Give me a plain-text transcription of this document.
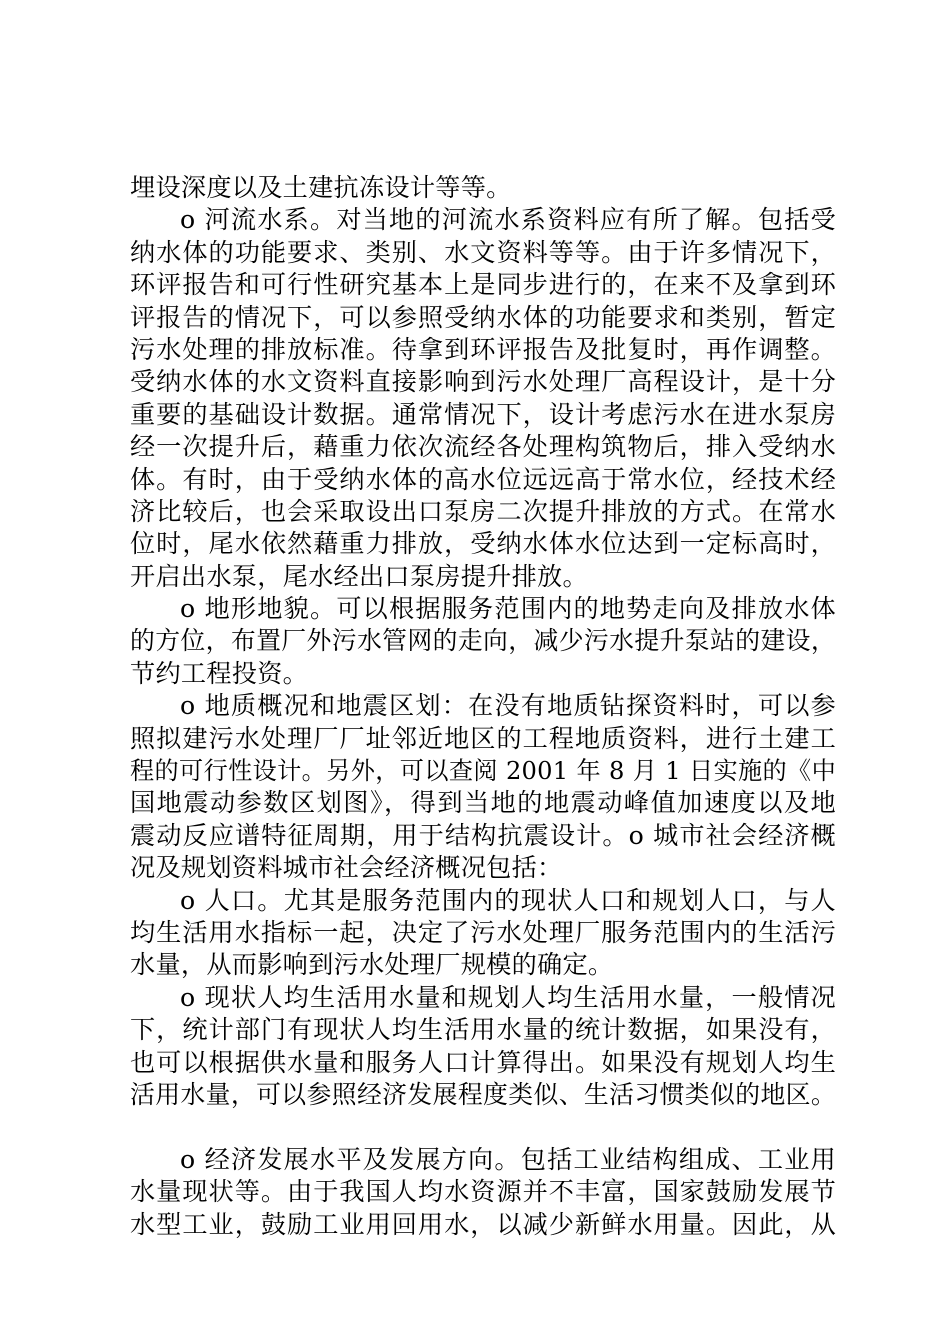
埋设深度以及土建抗冻设计等等。
o 河流水系。对当地的河流水系资料应有所了解。包括受
纳水体的功能要求、类别、水文资料等等。由于许多情况下，
环评报告和可行性研究基本上是同步进行的，在来不及拿到环
评报告的情况下，可以参照受纳水体的功能要求和类别，暂定
污水处理的排放标准。待拿到环评报告及批复时，再作调整。
受纳水体的水文资料直接影响到污水处理厂高程设计，是十分
重要的基础设计数据。通常情况下，设计考虑污水在进水泵房
经一次提升后，藉重力依次流经各处理构筑物后，排入受纳水
体。有时，由于受纳水体的高水位远远高于常水位，经技术经
济比较后，也会采取设出口泵房二次提升排放的方式。在常水
位时，尾水依然藉重力排放，受纳水体水位达到一定标高时，
开启出水泵，尾水经出口泵房提升排放。
o 地形地貌。可以根据服务范围内的地势走向及排放水体
的方位，布置厂外污水管网的走向，减少污水提升泵站的建设，
节约工程投资。
o 地质概况和地震区划：在没有地质钻探资料时，可以参
照拟建污水处理厂厂址邻近地区的工程地质资料，进行土建工
程的可行性设计。另外，可以查阅 2001 年 8 月 1 日实施的《中
国地震动参数区划图》，得到当地的地震动峰值加速度以及地
震动反应谱特征周期，用于结构抗震设计。o 城市社会经济概
况及规划资料城市社会经济概况包括：
o 人口。尤其是服务范围内的现状人口和规划人口，与人
均生活用水指标一起，决定了污水处理厂服务范围内的生活污
水量，从而影响到污水处理厂规模的确定。
o 现状人均生活用水量和规划人均生活用水量，一般情况
下，统计部门有现状人均生活用水量的统计数据，如果没有，
也可以根据供水量和服务人口计算得出。如果没有规划人均生
活用水量，可以参照经济发展程度类似、生活习惯类似的地区。
o 经济发展水平及发展方向。包括工业结构组成、工业用
水量现状等。由于我国人均水资源并不丰富，国家鼓励发展节
水型工业，鼓励工业用回用水，以减少新鲜水用量。因此，从
